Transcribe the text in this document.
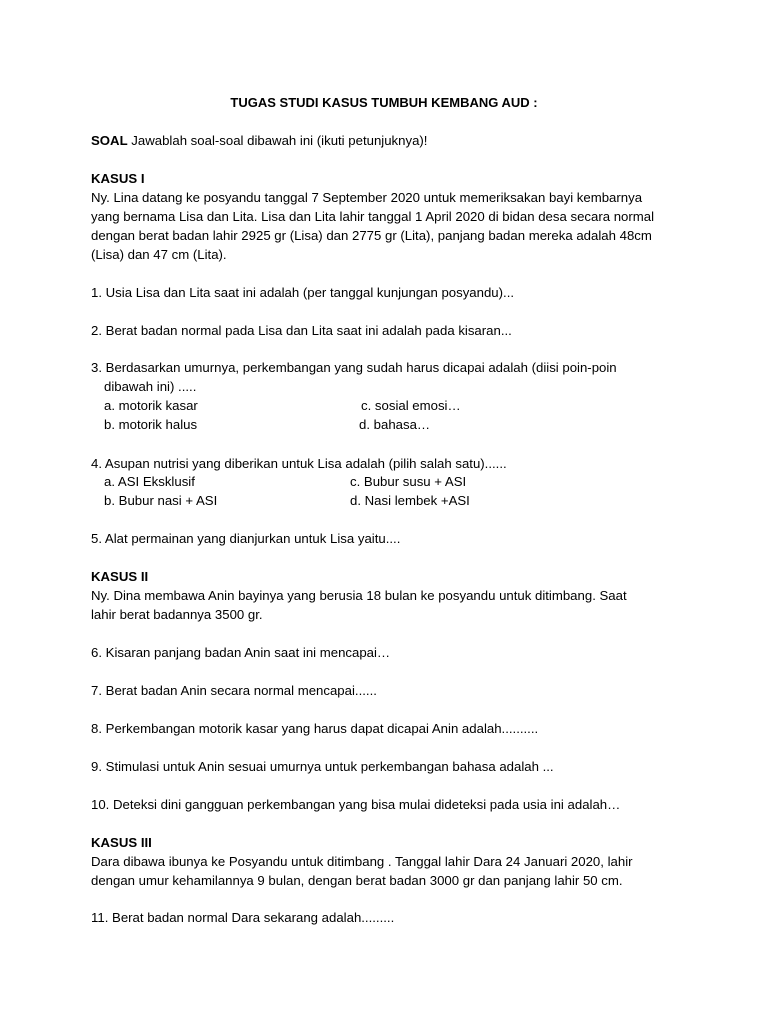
TUGAS STUDI KASUS TUMBUH KEMBANG AUD :
SOAL Jawablah soal-soal dibawah ini (ikuti petunjuknya)!
KASUS I
Ny. Lina datang ke posyandu tanggal 7 September 2020 untuk memeriksakan bayi kembarnya
yang bernama Lisa dan Lita. Lisa dan Lita lahir tanggal 1 April 2020 di bidan desa secara normal
dengan berat badan lahir 2925 gr (Lisa) dan 2775 gr (Lita), panjang badan mereka adalah 48cm
(Lisa) dan 47 cm (Lita).
1. Usia Lisa dan Lita saat ini adalah (per tanggal kunjungan posyandu)...
2. Berat badan normal pada Lisa dan Lita saat ini adalah pada kisaran...
3. Berdasarkan umurnya, perkembangan yang sudah harus dicapai adalah (diisi poin-poin
dibawah ini) .....
a. motorik kasar	c. sosial emosi…
b. motorik halus	d. bahasa…
4. Asupan nutrisi yang diberikan untuk Lisa adalah (pilih salah satu)......
a. ASI Eksklusif	c. Bubur susu + ASI
b. Bubur nasi + ASI	d. Nasi lembek +ASI
5. Alat permainan yang dianjurkan untuk Lisa yaitu....
KASUS II
Ny. Dina membawa Anin bayinya yang berusia 18 bulan ke posyandu untuk ditimbang. Saat
lahir berat badannya 3500 gr.
6. Kisaran panjang badan Anin saat ini mencapai…
7. Berat badan Anin secara normal mencapai......
8. Perkembangan motorik kasar yang harus dapat dicapai Anin adalah..........
9. Stimulasi untuk Anin sesuai umurnya untuk perkembangan bahasa adalah ...
10. Deteksi dini gangguan perkembangan yang bisa mulai dideteksi pada usia ini adalah…
KASUS III
Dara dibawa ibunya ke Posyandu untuk ditimbang . Tanggal lahir Dara 24 Januari 2020, lahir
dengan umur kehamilannya 9 bulan, dengan berat badan 3000 gr dan panjang lahir 50 cm.
11. Berat badan normal Dara sekarang adalah.........
